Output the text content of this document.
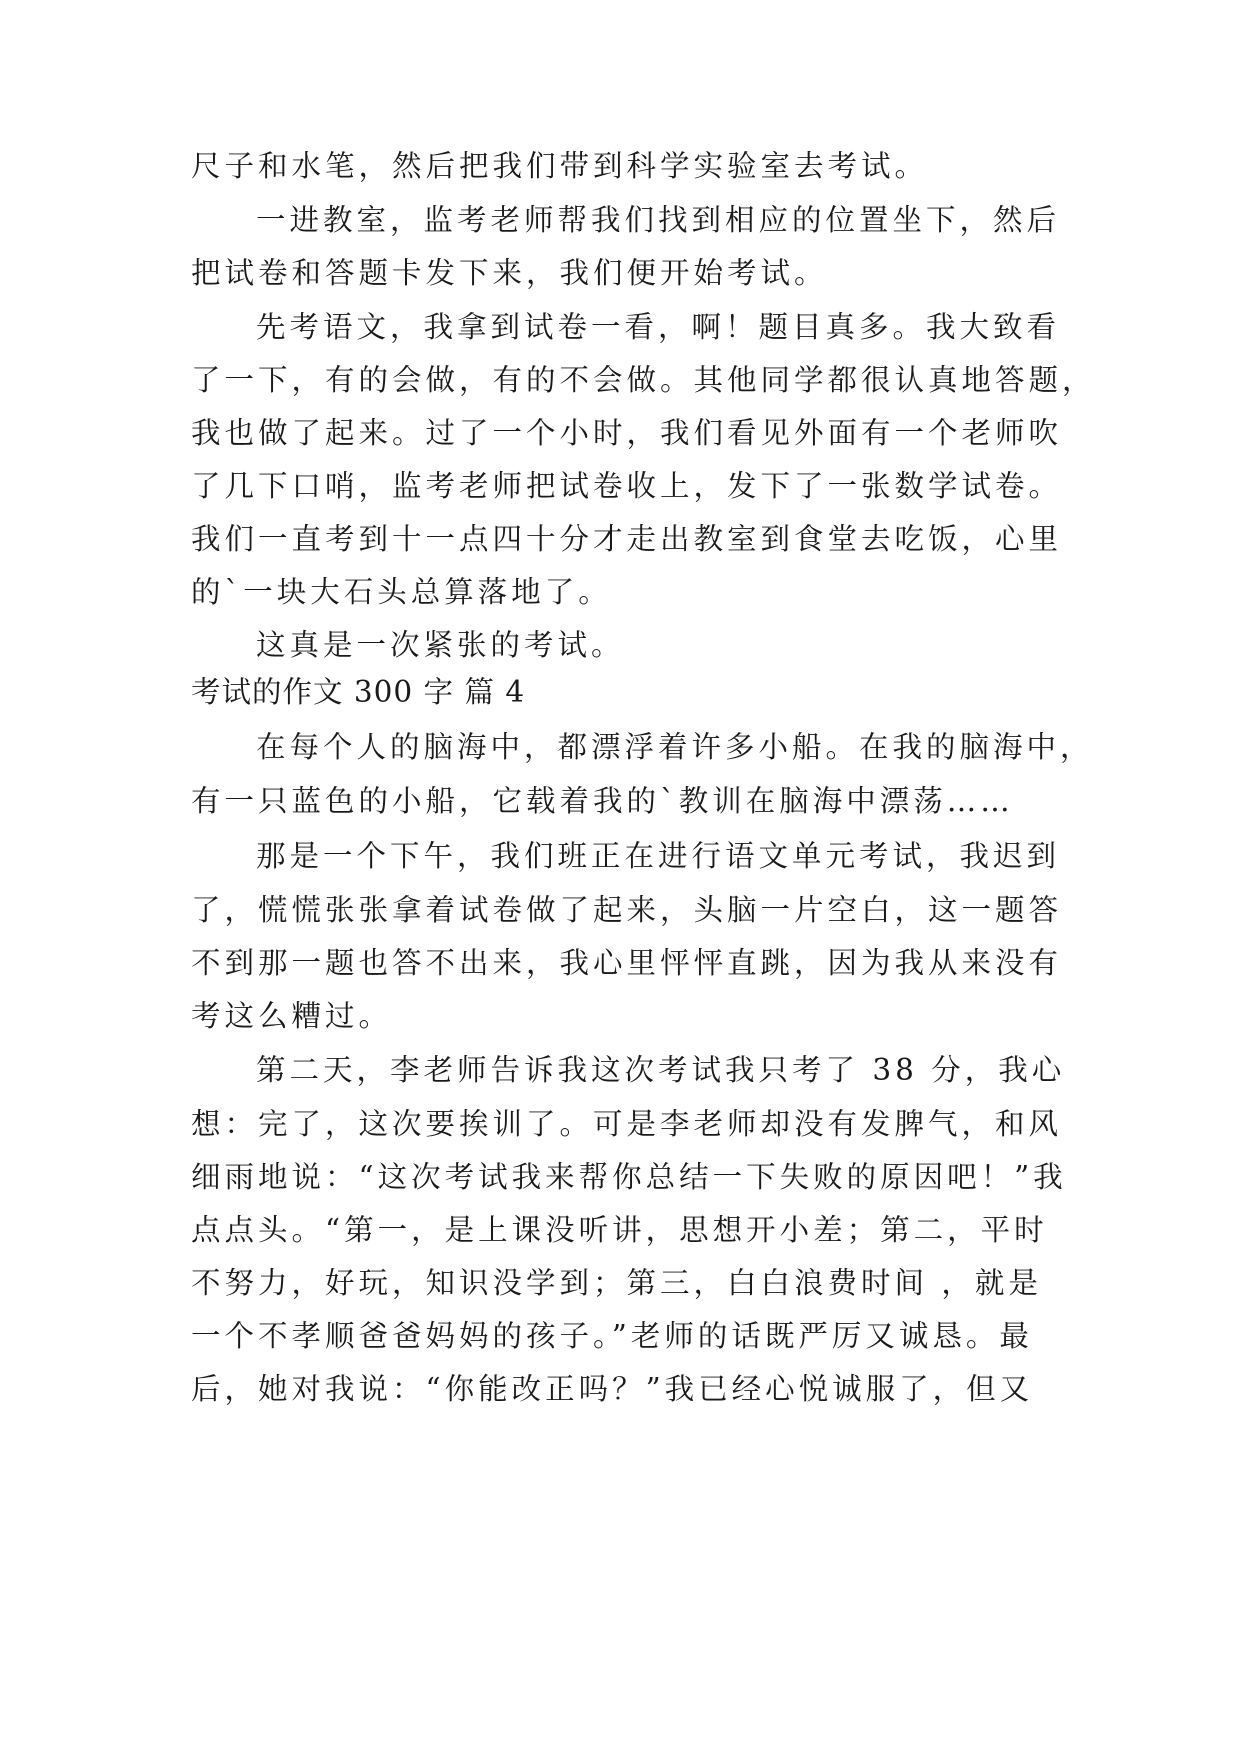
尺子和水笔，然后把我们带到科学实验室去考试。
一进教室，监考老师帮我们找到相应的位置坐下，然后
把试卷和答题卡发下来，我们便开始考试。
先考语文，我拿到试卷一看，啊！题目真多。我大致看
了一下，有的会做，有的不会做。其他同学都很认真地答题，
我也做了起来。过了一个小时，我们看见外面有一个老师吹
了几下口哨，监考老师把试卷收上，发下了一张数学试卷。
我们一直考到十一点四十分才走出教室到食堂去吃饭，心里
的`一块大石头总算落地了。
这真是一次紧张的考试。
考试的作文 300 字 篇 4
在每个人的脑海中，都漂浮着许多小船。在我的脑海中，
有一只蓝色的小船，它载着我的`教训在脑海中漂荡……
那是一个下午，我们班正在进行语文单元考试，我迟到
了，慌慌张张拿着试卷做了起来，头脑一片空白，这一题答
不到那一题也答不出来，我心里怦怦直跳，因为我从来没有
考这么糟过。
第二天，李老师告诉我这次考试我只考了 38 分，我心
想：完了，这次要挨训了。可是李老师却没有发脾气，和风
细雨地说：“这次考试我来帮你总结一下失败的原因吧！”我
点点头。“第一，是上课没听讲，思想开小差；第二，平时
不努力，好玩，知识没学到；第三，白白浪费时间 ，就是
一个不孝顺爸爸妈妈的孩子。”老师的话既严厉又诚恳。最
后，她对我说：“你能改正吗？”我已经心悦诚服了，但又
